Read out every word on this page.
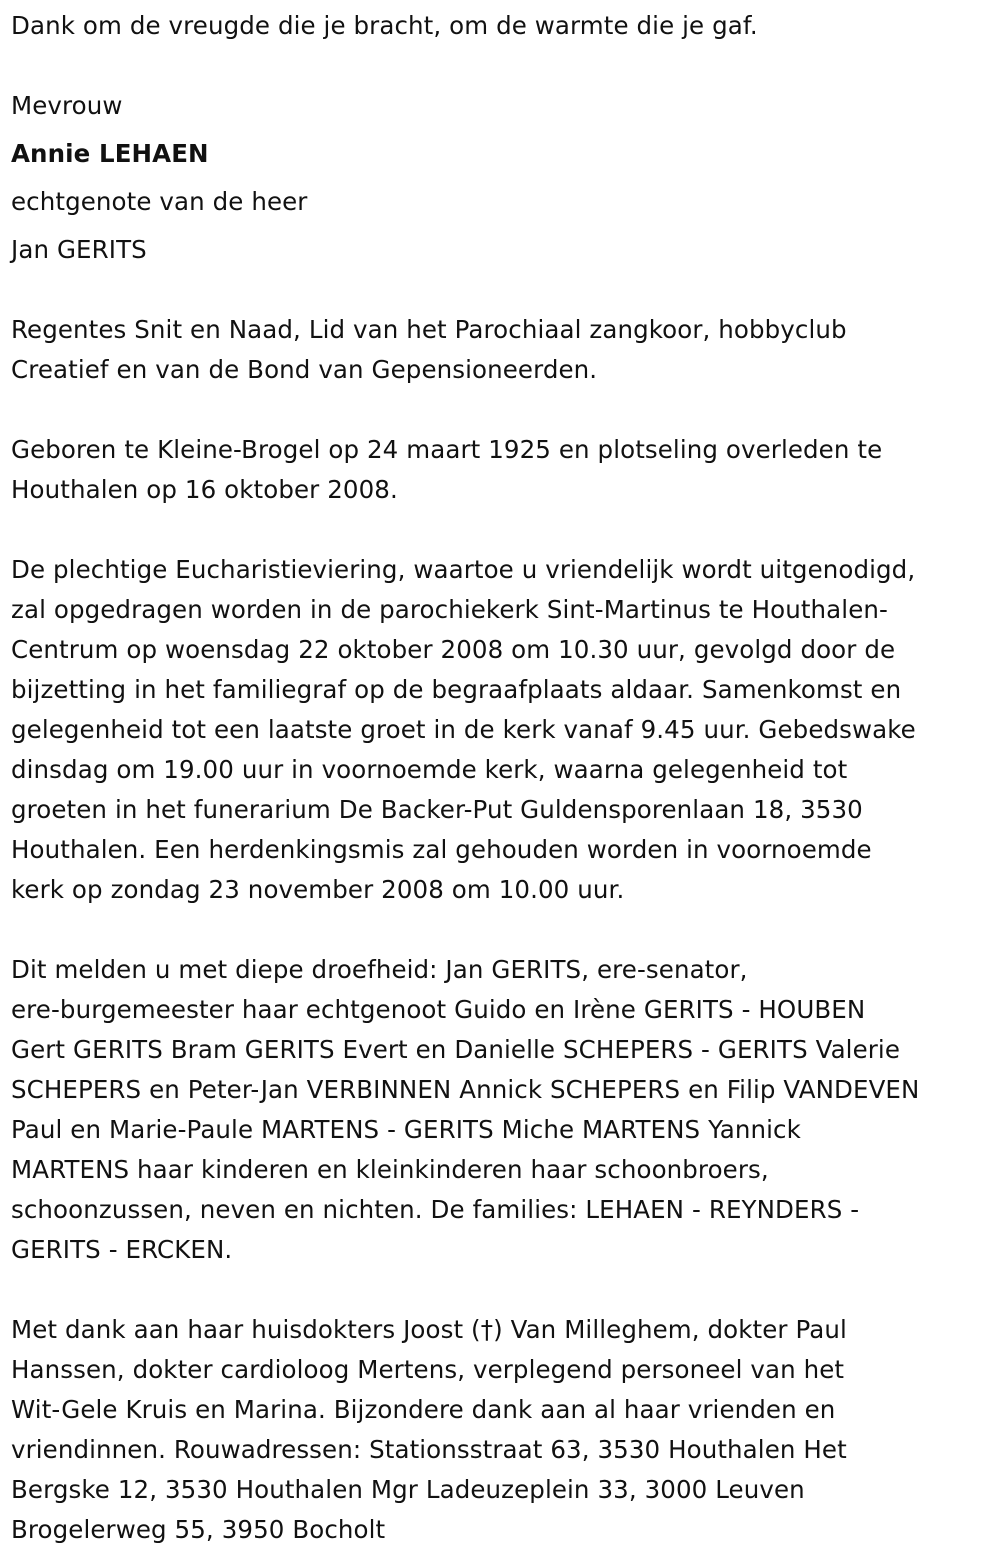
Dank om de vreugde die je bracht, om de warmte die je gaf.
Mevrouw
Annie LEHAEN
echtgenote van de heer
Jan GERITS
Regentes Snit en Naad, Lid van het Parochiaal zangkoor, hobbyclub
Creatief en van de Bond van Gepensioneerden.
Geboren te Kleine-Brogel op 24 maart 1925 en plotseling overleden te
Houthalen op 16 oktober 2008.
De plechtige Eucharistieviering, waartoe u vriendelijk wordt uitgenodigd,
zal opgedragen worden in de parochiekerk Sint-Martinus te Houthalen-
Centrum op woensdag 22 oktober 2008 om 10.30 uur, gevolgd door de
bijzetting in het familiegraf op de begraafplaats aldaar. Samenkomst en
gelegenheid tot een laatste groet in de kerk vanaf 9.45 uur. Gebedswake
dinsdag om 19.00 uur in voornoemde kerk, waarna gelegenheid tot
groeten in het funerarium De Backer-Put Guldensporenlaan 18, 3530
Houthalen. Een herdenkingsmis zal gehouden worden in voornoemde
kerk op zondag 23 november 2008 om 10.00 uur.
Dit melden u met diepe droefheid: Jan GERITS, ere-senator,
ere-burgemeester haar echtgenoot Guido en Irène GERITS - HOUBEN
Gert GERITS Bram GERITS Evert en Danielle SCHEPERS - GERITS Valerie
SCHEPERS en Peter-Jan VERBINNEN Annick SCHEPERS en Filip VANDEVEN
Paul en Marie-Paule MARTENS - GERITS Miche MARTENS Yannick
MARTENS haar kinderen en kleinkinderen haar schoonbroers,
schoonzussen, neven en nichten. De families: LEHAEN - REYNDERS -
GERITS - ERCKEN.
Met dank aan haar huisdokters Joost (†) Van Milleghem, dokter Paul
Hanssen, dokter cardioloog Mertens, verplegend personeel van het
Wit-Gele Kruis en Marina. Bijzondere dank aan al haar vrienden en
vriendinnen. Rouwadressen: Stationsstraat 63, 3530 Houthalen Het
Bergske 12, 3530 Houthalen Mgr Ladeuzeplein 33, 3000 Leuven
Brogelerweg 55, 3950 Bocholt
